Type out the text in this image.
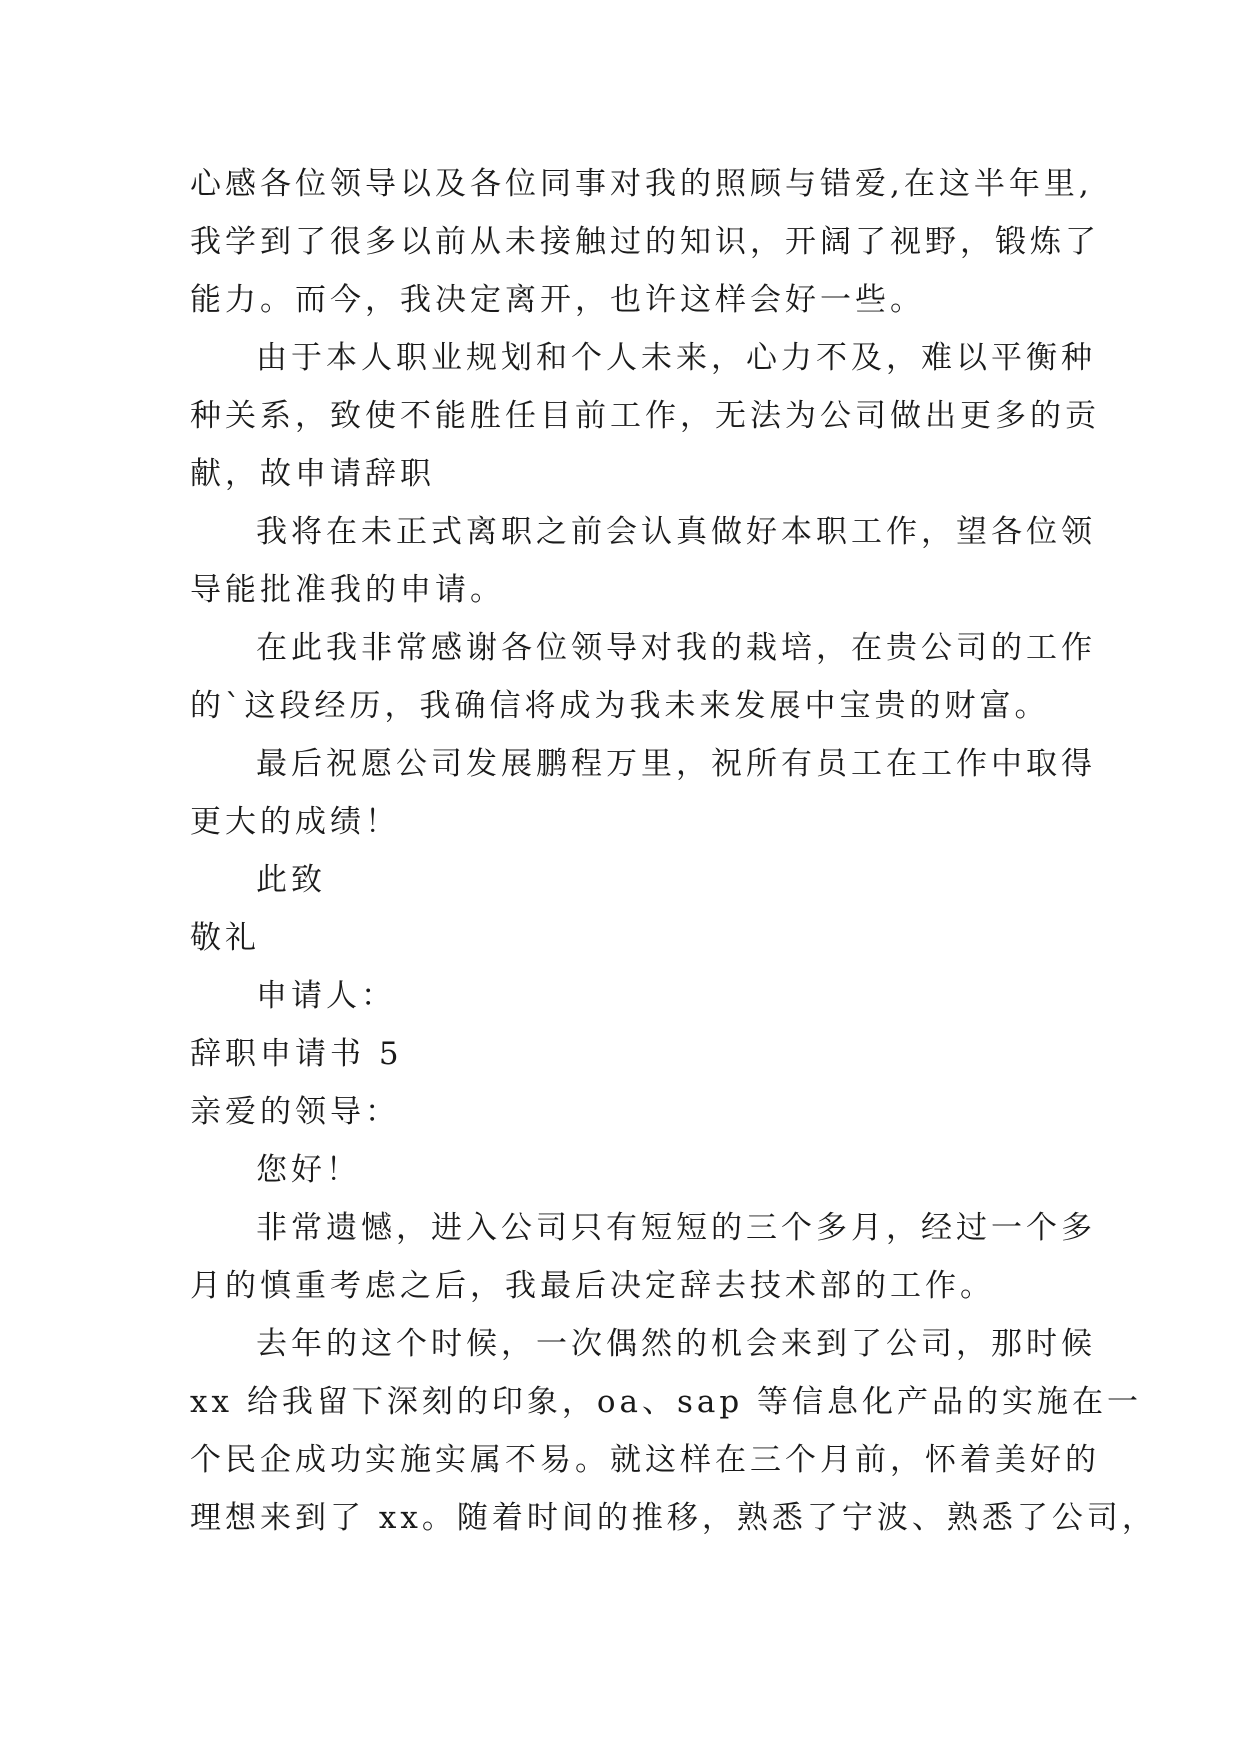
心感各位领导以及各位同事对我的照顾与错爱,在这半年里,
我学到了很多以前从未接触过的知识，开阔了视野，锻炼了
能力。而今，我决定离开，也许这样会好一些。
由于本人职业规划和个人未来，心力不及，难以平衡种
种关系，致使不能胜任目前工作，无法为公司做出更多的贡
献，故申请辞职
我将在未正式离职之前会认真做好本职工作，望各位领
导能批准我的申请。
在此我非常感谢各位领导对我的栽培，在贵公司的工作
的`这段经历，我确信将成为我未来发展中宝贵的财富。
最后祝愿公司发展鹏程万里，祝所有员工在工作中取得
更大的成绩！
此致
敬礼
申请人：
辞职申请书 5
亲爱的领导：
您好！
非常遗憾，进入公司只有短短的三个多月，经过一个多
月的慎重考虑之后，我最后决定辞去技术部的工作。
去年的这个时候，一次偶然的机会来到了公司，那时候
xx 给我留下深刻的印象，oa、sap 等信息化产品的实施在一
个民企成功实施实属不易。就这样在三个月前，怀着美好的
理想来到了 xx。随着时间的推移，熟悉了宁波、熟悉了公司，
